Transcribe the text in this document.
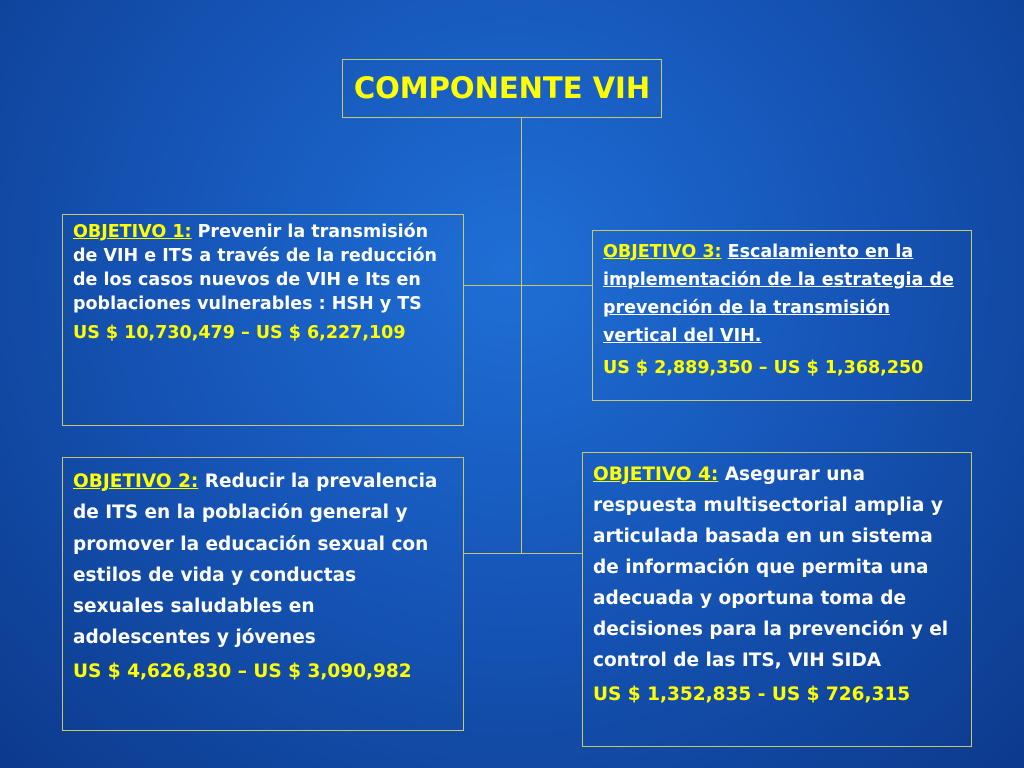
COMPONENTE VIH
OBJETIVO 1: Prevenir la transmisión de VIH e ITS a través de la reducción de los casos nuevos de VIH e Its en poblaciones vulnerables : HSH y TS
US $ 10,730,479 – US $ 6,227,109
OBJETIVO 2: Reducir la prevalencia de ITS en la población general y promover la educación sexual con estilos de vida y conductas sexuales saludables en adolescentes y jóvenes
US $ 4,626,830 – US $ 3,090,982
OBJETIVO 3: Escalamiento en la implementación de la estrategia de prevención de la transmisión vertical del VIH.
US $ 2,889,350 – US $ 1,368,250
OBJETIVO 4: Asegurar una respuesta multisectorial amplia y articulada basada en un sistema de información que permita una adecuada y oportuna toma de decisiones para la prevención y el control de las ITS, VIH SIDA
US $ 1,352,835 - US $ 726,315
